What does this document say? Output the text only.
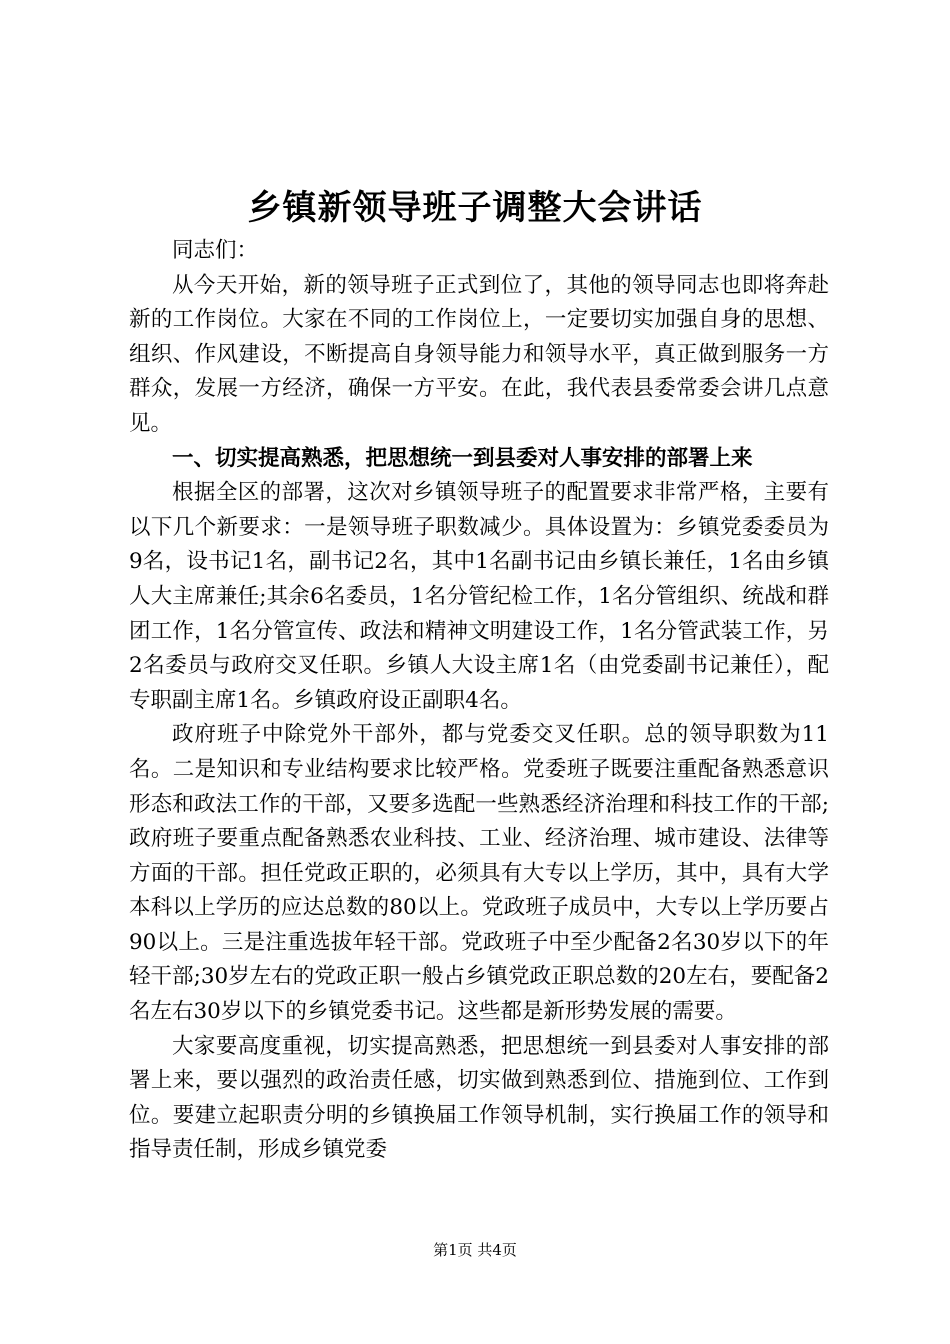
乡镇新领导班子调整大会讲话

同志们：

从今天开始，新的领导班子正式到位了，其他的领导同志也即将奔赴新的工作岗位。大家在不同的工作岗位上，一定要切实加强自身的思想、组织、作风建设，不断提高自身领导能力和领导水平，真正做到服务一方群众，发展一方经济，确保一方平安。在此，我代表县委常委会讲几点意见。

一、切实提高熟悉，把思想统一到县委对人事安排的部署上来

根据全区的部署，这次对乡镇领导班子的配置要求非常严格，主要有以下几个新要求：一是领导班子职数减少。具体设置为：乡镇党委委员为9名，设书记1名，副书记2名，其中1名副书记由乡镇长兼任，1名由乡镇人大主席兼任;其余6名委员，1名分管纪检工作，1名分管组织、统战和群团工作，1名分管宣传、政法和精神文明建设工作，1名分管武装工作，另2名委员与政府交叉任职。乡镇人大设主席1名（由党委副书记兼任），配专职副主席1名。乡镇政府设正副职4名。

政府班子中除党外干部外，都与党委交叉任职。总的领导职数为11名。二是知识和专业结构要求比较严格。党委班子既要注重配备熟悉意识形态和政法工作的干部，又要多选配一些熟悉经济治理和科技工作的干部;政府班子要重点配备熟悉农业科技、工业、经济治理、城市建设、法律等方面的干部。担任党政正职的，必须具有大专以上学历，其中，具有大学本科以上学历的应达总数的80以上。党政班子成员中，大专以上学历要占90以上。三是注重选拔年轻干部。党政班子中至少配备2名30岁以下的年轻干部;30岁左右的党政正职一般占乡镇党政正职总数的20左右，要配备2名左右30岁以下的乡镇党委书记。这些都是新形势发展的需要。

大家要高度重视，切实提高熟悉，把思想统一到县委对人事安排的部署上来，要以强烈的政治责任感，切实做到熟悉到位、措施到位、工作到位。要建立起职责分明的乡镇换届工作领导机制，实行换届工作的领导和指导责任制，形成乡镇党委

第1页 共4页
